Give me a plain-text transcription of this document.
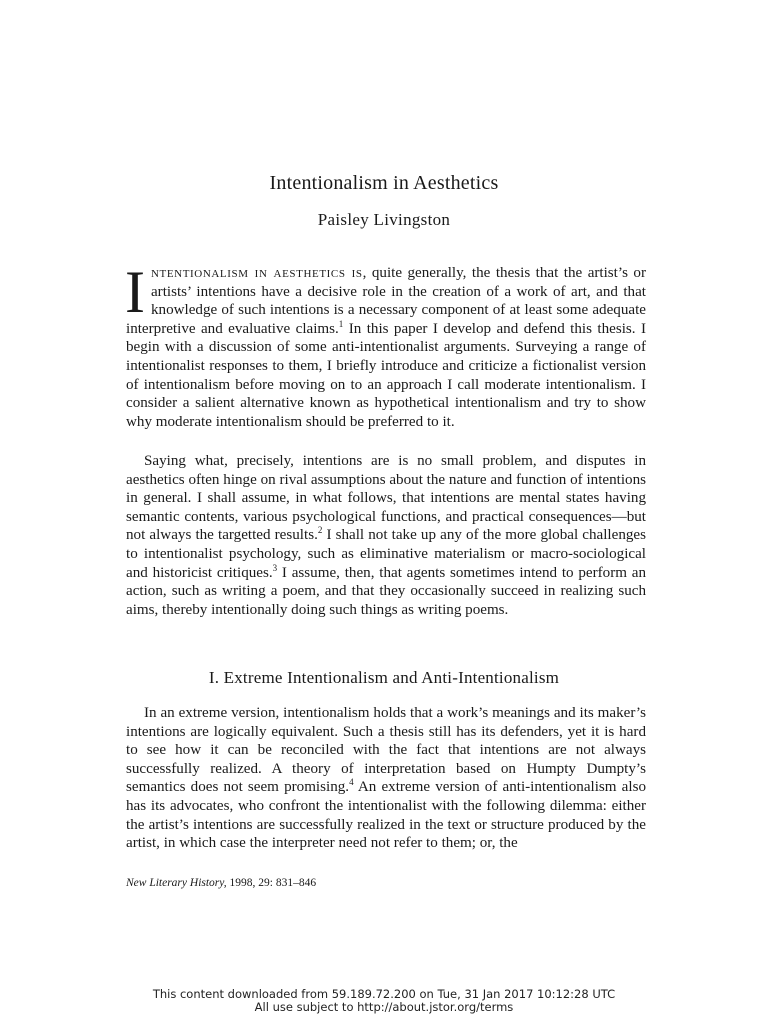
Intentionalism in Aesthetics
Paisley Livingston
Intentionalism in aesthetics is, quite generally, the thesis that the artist’s or artists’ intentions have a decisive role in the creation of a work of art, and that knowledge of such intentions is a necessary component of at least some adequate interpretive and evaluative claims.$^1$ In this paper I develop and defend this thesis. I begin with a discussion of some anti-intentionalist arguments. Surveying a range of intentionalist responses to them, I briefly introduce and criticize a fictionalist version of intentionalism before moving on to an approach I call moderate intentionalism. I consider a salient alternative known as hypothetical intentionalism and try to show why moderate intentionalism should be preferred to it.
Saying what, precisely, intentions are is no small problem, and disputes in aesthetics often hinge on rival assumptions about the nature and function of intentions in general. I shall assume, in what follows, that intentions are mental states having semantic contents, various psychological functions, and practical consequences—but not always the targetted results.$^2$ I shall not take up any of the more global challenges to intentionalist psychology, such as eliminative materialism or macro-sociological and historicist critiques.$^3$ I assume, then, that agents sometimes intend to perform an action, such as writing a poem, and that they occasionally succeed in realizing such aims, thereby intentionally doing such things as writing poems.
I. Extreme Intentionalism and Anti-Intentionalism
In an extreme version, intentionalism holds that a work’s meanings and its maker’s intentions are logically equivalent. Such a thesis still has its defenders, yet it is hard to see how it can be reconciled with the fact that intentions are not always successfully realized. A theory of interpretation based on Humpty Dumpty’s semantics does not seem promising.$^4$ An extreme version of anti-intentionalism also has its advocates, who confront the intentionalist with the following dilemma: either the artist’s intentions are successfully realized in the text or structure produced by the artist, in which case the interpreter need not refer to them; or, the
New Literary History, 1998, 29: 831–846
This content downloaded from 59.189.72.200 on Tue, 31 Jan 2017 10:12:28 UTC
All use subject to http://about.jstor.org/terms
